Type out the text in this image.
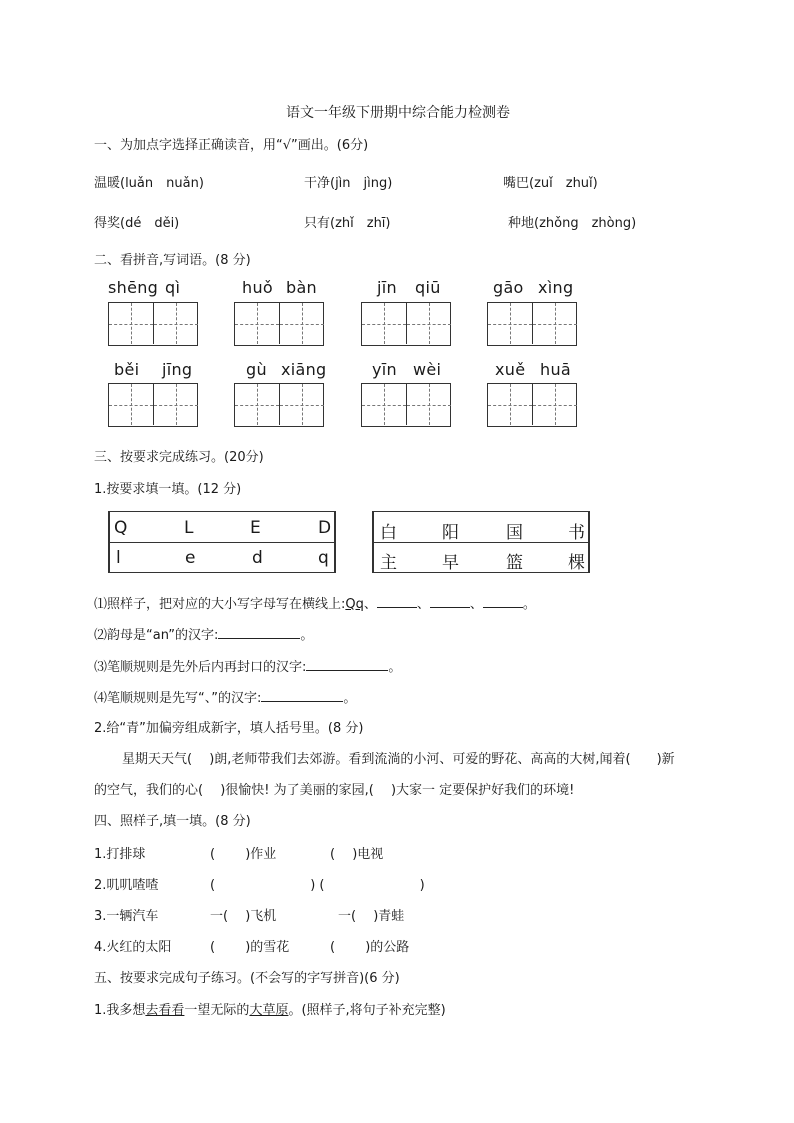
语文一年级下册期中综合能力检测卷
一、为加点字选择正确读音，用“√”画出。(6分)
温暖(luǎn　nuǎn)	干净(jìn　jìng)	嘴巴(zuǐ　zhuǐ)
得奖(dé　děi)	只有(zhǐ　zhī)	种地(zhǒng　zhòng)
二、看拼音,写词语。(8 分)
shēng qì	huǒ bàn	jīn qiū	gāo xìng
běi jīng	gù xiāng	yīn wèi	xuě huā
三、按要求完成练习。(20分)
1.按要求填一填。(12 分)
Q	L	E	D
l	e	d	q
白	阳	国	书
主	早	篮	棵
⑴照样子，把对应的大小写字母写在横线上:Qq、	、	、	。
⑵韵母是“an”的汉字:	。
⑶笔顺规则是先外后内再封口的汉字:	。
⑷笔顺规则是先写“、”的汉字:	。
2.给“青”加偏旁组成新字，填人括号里。(8 分)
星期天天气(　 )朗,老师带我们去郊游。看到流淌的小河、可爱的野花、高高的大树,闻着(　　)新
的空气，我们的心(　 )很愉快! 为了美丽的家园,(　 )大家一 定要保护好我们的环境!
四、照样子,填一填。(8 分)
1.打排球	(　　 )作业	(　 )电视
2.叽叽喳喳	(　　　　　　　 ) (　　　　　　　 )
3.一辆汽车	一(　 )飞机	一(　 )青蛙
4.火红的太阳	(　　 )的雪花	(　　 )的公路
五、按要求完成句子练习。(不会写的字写拼音)(6 分)
1.我多想去看看一望无际的大草原。(照样子,将句子补充完整)
